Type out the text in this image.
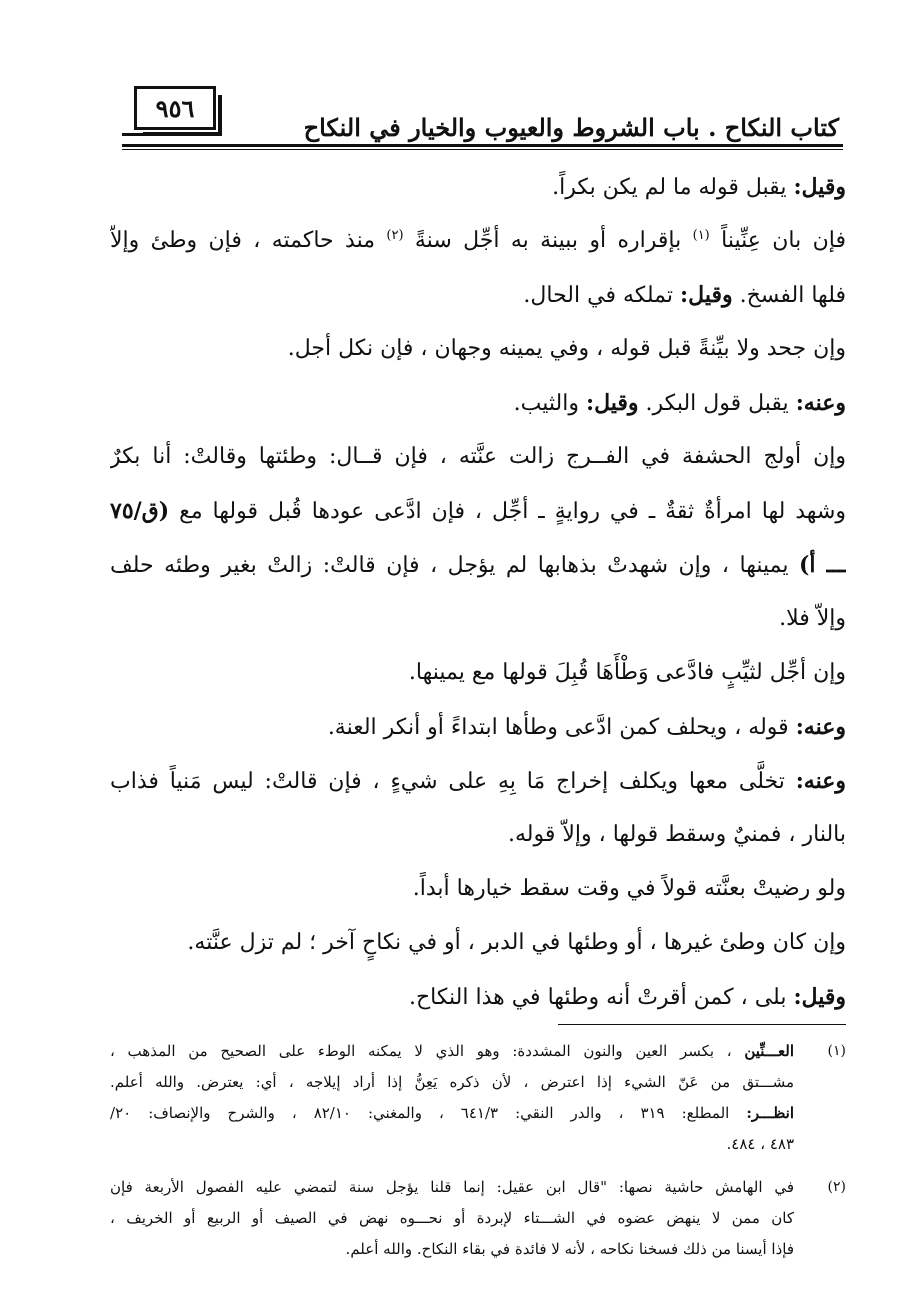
٩٥٦
كتاب النكاح . باب الشروط والعيوب والخيار في النكاح
وقيل: يقبل قوله ما لم يكن بكراً.
فإن بان عِنِّيناً $^{(١)}$ بإقراره أو ببينة به أجِّل سنةً $^{(٢)}$ منذ حاكمته ، فإن وطئ وإلاّ
فلها الفسخ. وقيل: تملكه في الحال.
وإن جحد ولا بيِّنةً قبل قوله ، وفي يمينه وجهان ، فإن نكل أجل.
وعنه: يقبل قول البكر. وقيل: والثيب.
وإن أولج الحشفة في الفــرج زالت عنَّته ، فإن قــال: وطئتها وقالتْ: أنا بكرٌ
وشهد لها امرأةٌ ثقةٌ ـ في روايةٍ ـ أجِّل ، فإن ادَّعى عودها قُبل قولها مع (ق/٧٥
ـــ أ) يمينها ، وإن شهدتْ بذهابها لم يؤجل ، فإن قالتْ: زالتْ بغير وطئه حلف
وإلاّ فلا.
وإن أجِّل لثيِّبٍ فادَّعى وَطْأَهَا قُبِلَ قولها مع يمينها.
وعنه: قوله ، ويحلف كمن ادَّعى وطأها ابتداءً أو أنكر العنة.
وعنه: تخلَّى معها ويكلف إخراج مَا بِهِ على شيءٍ ، فإن قالتْ: ليس مَنياً فذاب
بالنار ، فمنيٌ وسقط قولها ، وإلاّ قوله.
ولو رضيتْ بعنَّته قولاً في وقت سقط خيارها أبداً.
وإن كان وطئ غيرها ، أو وطئها في الدبر ، أو في نكاحٍ آخر ؛ لم تزل عنَّته.
وقيل: بلى ، كمن أقرتْ أنه وطئها في هذا النكاح.
(١)
العـــنِّين ، بكسر العين والنون المشددة: وهو الذي لا يمكنه الوطء على الصحيح من المذهب ،
مشـــتق من عَنّ الشيء إذا اعترض ، لأن ذكره يَعِنُّ إذا أراد إيلاجه ، أي: يعترض. والله أعلم.
انظـــر: المطلع: ٣١٩ ، والدر النقي: ٦٤١/٣ ، والمغني: ٨٢/١٠ ، والشرح والإنصاف: ٢٠/
٤٨٣ ، ٤٨٤.
(٢)
في الهامش حاشية نصها: "قال ابن عقيل: إنما قلنا يؤجل سنة لتمضي عليه الفصول الأربعة فإن
كان ممن لا ينهض عضوه في الشـــتاء لإبردة أو نحـــوه نهض في الصيف أو الربيع أو الخريف ،
فإذا أيسنا من ذلك فسخنا نكاحه ، لأنه لا فائدة في بقاء النكاح. والله أعلم.
